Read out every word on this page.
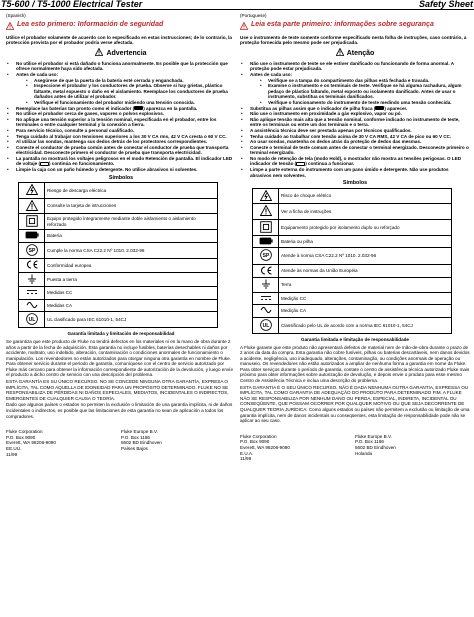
T5-600 / T5-1000 Electrical Tester	Safety Sheet
(Spanish)
Lea esto primero: Información de seguridad

Utilice el probador solamente de acuerdo con lo especificado en estas instrucciones; de lo contrario, la protección provista por el probador podría verse afectada.

Advertencia
• No utilice el probador si está dañado o funciona anormalmente. Es posible que la protección que ofrece normalmente haya sido afectada.
• Antes de cada uso:
• Asegúrese de que la puerta de la batería esté cerrada y enganchada.
• Inspeccione el probador y los conductores de prueba. Observe si hay grietas, plástico faltante, metal expuesto o daño en el aislamiento. Reemplace los conductores de prueba dañados antes de utilizar el probador.
• Verifique el funcionamiento del probador midiendo una tensión conocida.
• Reemplace las baterías tan pronto como el indicador ( ) aparezca en la pantalla.
• No utilice el probador cerca de gases, vapores o polvos explosivos.
• No aplique una tensión superior a la tensión nominal, especificada en el probador, entre los terminales o entre cualquier terminal y la conexión a tierra.
• Para servicio técnico, consulte a personal cualificado.
• Tenga cuidado al trabajar con tensiones superiores a los 30 V CA rms, 42 V CA cresta o 60 V CC.
• Al utilizar las sondas, mantenga sus dedos detrás de los protectores correspondientes.
• Conecte el conductor de prueba común antes de conectar el conductor de prueba que transporta electricidad. Desconecte primero el conductor de prueba que transporta electricidad.
• La pantalla no mostrará los voltajes peligrosos en el modo Retención de pantalla. El indicador LED de voltaje ( ) continúa en funcionamiento.
• Limpie la caja con un paño húmedo y detergente. No utilice abrasivos ni solventes.
Símbolos
	Riesgo de descarga eléctrica
	Consulte la tarjeta de intrucciones
	Equipo protegido íntegramente mediante doble aislamiento o aislamiento reforzado
	Batería

SP	Cumple la norma CSA C22.2 Nº 1010. 2.032-96
	Conformidad europea
	Puesta a tierra
	Medidas CC
	Medidas CA

UL	UL clasificado para IEC 61010-1, 54CJ
Garantía limitada y limitación de responsabilidad

Se garantiza que este producto de Fluke no tendrá defectos en los materiales ni en la mano de obra durante 2 años a partir de la fecha de adquisición. Esta garantía no incluye fusibles, baterías desechables ni daños por accidente, maltrato, uso indebido, alteración, contaminación o condiciones anormales de funcionamiento o manipulación. Los revendedores no están autorizados para otorgar ninguna otra garantía en nombre de Fluke. Para obtener servicio durante el período de garantía, comuníquese con el centro de servicio autorizado por Fluke más cercano para obtener la información correspondiente de autorización de la devolución, y luego envíe el producto a dicho centro de servicio con una descripción del problema.

ESTA GARANTÍA ES SU ÚNICO RECURSO. NO SE CONCEDE NINGUNA OTRA GARANTÍA, EXPRESA O IMPLÍCITA, TAL COMO AQUELLA DE IDONEIDAD PARA UN PROPÓSITO DETERMINADO. FLUKE NO SE RESPONSABILIZA DE PÉRDIDAS NI DAÑOS ESPECIALES, MEDIATOS, INCIDENTALES O INDIRECTOS, EMERGENTES DE CUALQUIER CAUSA O TEORÍA.

Dado que algunos países o estados no permiten la exclusión o limitación de una garantía implícita, ni de daños incidentales o indirectos, es posible que las limitaciones de esta garantía no sean de aplicación a todos los compradores.

Fluke Corporation
P.O. Box 9090
Everett, WA 98206-9090
EE.UU.
11/99
Fluke Europe B.V.
P.O. Box 1186
5602 BD Eindhoven
Países Bajos
(Portuguese)
Leia esta parte primeiro: informações sobre segurança

Use o instrumento de teste somente conforme especificado nesta folha de instruções, caso contrário, a proteção fornecida pelo mesmo pode ser prejudicada.

Atenção
• Não use o instrumento de teste se ele estiver danificado ou funcionando de forma anormal. A proteção pode estar prejudicada.
• Antes de cada uso:
• Verifique se a tampa do compartimento das pilhas está fechada e travada.
• Examine o instrumento e os terminais de teste. Verifique se há alguma rachadura, algum pedaço de plástico faltando, metal exposto ou isolamento danificado. Antes de usar o instrumento, substitua os terminais danificados.
• Verifique o funcionamento do instrumento de teste medindo uma tensão conhecida.
• Substitua as pilhas assim que o indicador de pilha fraca ( ) aparecer.
• Não use o instrumento em proximidade a gás explosivo, vapor ou pó.
• Não aplique tensão mais alta que a tensão nominal, conforme indicado no instrumento de teste, entre os terminais ou entre um dos terminais e o terra.
• A assistência técnica deve ser prestada apenas por técnicos qualificados.
• Tenha cuidado ao trabalhar com tensão acima de 30 V CA RMS, 42 V CA de pico ou 60 V CC.
• Ao usar sondas, mantenha os dedos atrás da proteção de dedos das mesmas.
• Conecte o terminal de teste comum antes de conectar o terminal energizado. Desconecte primeiro o terminal energizado.
• No modo de retenção de tela (modo Hold), o mostrador não mostra as tensões perigosas. O LED indicador de tensão ( ) continua a funcionar.
• Limpe a parte externa do instrumento com um pano úmido e detergente. Não use produtos abrasivos nem solventes.
Símbolos
	Risco de choque elétrico
	Ver a ficha de instruções
	Equipamento protegido por isolamento duplo ou reforçado
	Bateria ou pilha

SP	Atende à norma CSA C22.2 Nº 1010. 2.032-96
	Atende às normas da União Européia
	Terra
	Medição CC
	Medição CA

UL	Classificado pelo UL de acordo com a norma IEC 61010-1, 54CJ
Garantia limitada e limitação de responsabilidade

A Fluke garante que este produto não apresentará defeitos de material nem de mão-de-obra durante o prazo de 2 anos da data da compra. Esta garantia não cobre fusíveis, pilhas ou baterias descartáveis, nem danos devidos a acidente, negligência, uso inadequado, alterações, contaminação, ou condições anormais de operação ou manuseio. Os revendedores não estão autorizados a ampliar de nenhuma forma a garantia em nome da Fluke. Para obter serviços durante o período de garantia, contate o centro de assistência técnica autorizado Fluke mais próximo para obter informações sobre autorização de devolução, e depois envie o produto para esse mesmo Centro de Assistência Técnica e inclua uma descrição do problema.

ESTA GARANTIA É O SEU ÚNICO RECURSO. NÃO É DADA NENHUMA OUTRA GARANTIA, EXPRESSA OU IMPLÍCITA, TAL COMO GARANTIA DE ADEQUAÇÃO DO PRODUTO PARA DETERMINADO FIM. A FLUKE NÃO SE RESPONSABILIZA POR NENHUM DANO OU PERDA, ESPECIAL, INDIRETA, INCIDENTAL OU CONSEQÜENTE, QUE POSSAM OCORRER POR QUALQUER MOTIVO OU QUE SEJA DECORRENTE DE QUALQUER TEORIA JURÍDICA. Como alguns estados ou países não permitem a exclusão ou limitação de uma garantia implícita, nem de danos incidentais ou conseqüentes, esta limitação de responsabilidade pode não se aplicar ao seu caso.

Fluke Corporation
P.O. Box 9090
Everett, WA 98206-9090
E.U.A.
11/99
Fluke Europe B.V.
P.O. Box 1186
5602 BD Eindhoven
Holanda
